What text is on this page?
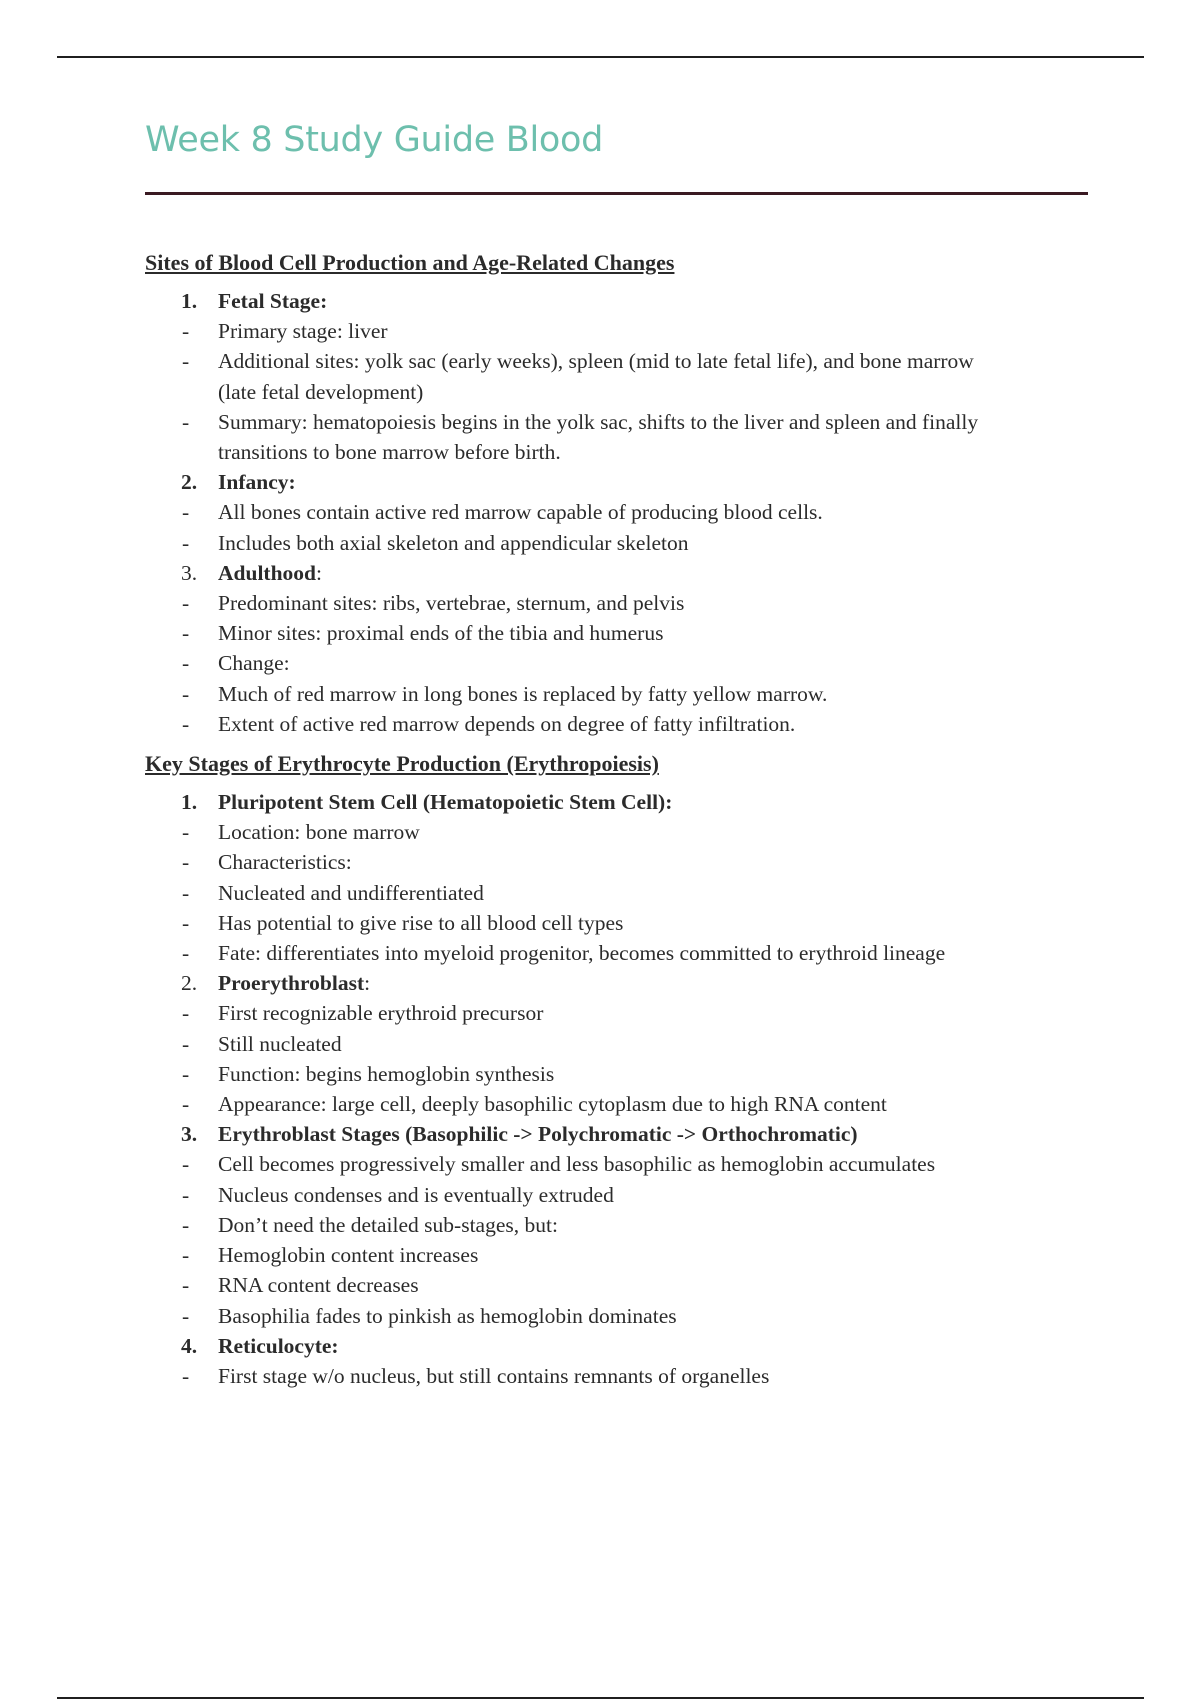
Week 8 Study Guide Blood
Sites of Blood Cell Production and Age-Related Changes
1. Fetal Stage:
- Primary stage: liver
- Additional sites: yolk sac (early weeks), spleen (mid to late fetal life), and bone marrow
(late fetal development)
- Summary: hematopoiesis begins in the yolk sac, shifts to the liver and spleen and finally
transitions to bone marrow before birth.
2. Infancy:
- All bones contain active red marrow capable of producing blood cells.
- Includes both axial skeleton and appendicular skeleton
3. Adulthood:
- Predominant sites: ribs, vertebrae, sternum, and pelvis
- Minor sites: proximal ends of the tibia and humerus
- Change:
- Much of red marrow in long bones is replaced by fatty yellow marrow.
- Extent of active red marrow depends on degree of fatty infiltration.
Key Stages of Erythrocyte Production (Erythropoiesis)
1. Pluripotent Stem Cell (Hematopoietic Stem Cell):
- Location: bone marrow
- Characteristics:
- Nucleated and undifferentiated
- Has potential to give rise to all blood cell types
- Fate: differentiates into myeloid progenitor, becomes committed to erythroid lineage
2. Proerythroblast:
- First recognizable erythroid precursor
- Still nucleated
- Function: begins hemoglobin synthesis
- Appearance: large cell, deeply basophilic cytoplasm due to high RNA content
3. Erythroblast Stages (Basophilic -> Polychromatic -> Orthochromatic)
- Cell becomes progressively smaller and less basophilic as hemoglobin accumulates
- Nucleus condenses and is eventually extruded
- Don’t need the detailed sub-stages, but:
- Hemoglobin content increases
- RNA content decreases
- Basophilia fades to pinkish as hemoglobin dominates
4. Reticulocyte:
- First stage w/o nucleus, but still contains remnants of organelles
